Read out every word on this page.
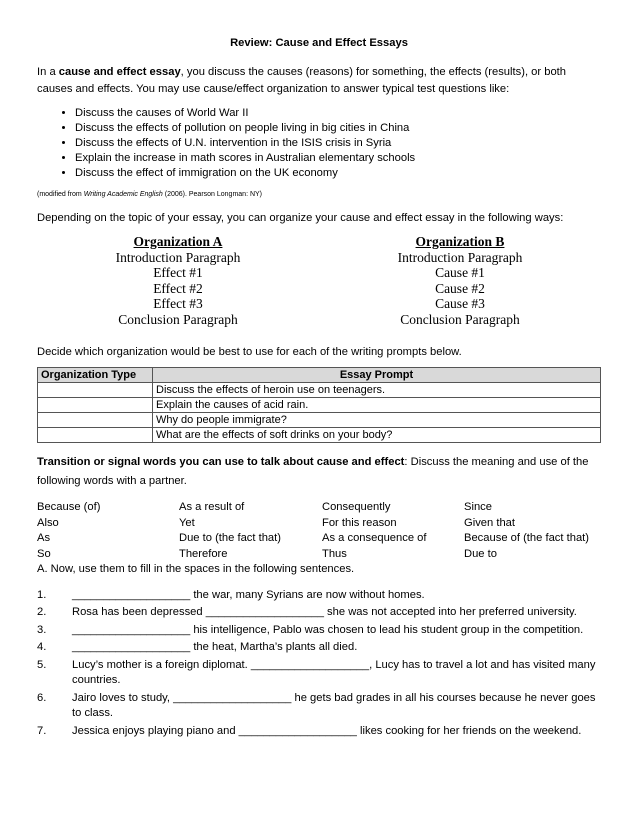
Review: Cause and Effect Essays

In a cause and effect essay, you discuss the causes (reasons) for something, the effects (results), or both causes and effects. You may use cause/effect organization to answer typical test questions like:

• Discuss the causes of World War II
• Discuss the effects of pollution on people living in big cities in China
• Discuss the effects of U.N. intervention in the ISIS crisis in Syria
• Explain the increase in math scores in Australian elementary schools
• Discuss the effect of immigration on the UK economy

(modified from Writing Academic English (2006). Pearson Longman: NY)

Depending on the topic of your essay, you can organize your cause and effect essay in the following ways:

Organization A
Introduction Paragraph
Effect #1
Effect #2
Effect #3
Conclusion Paragraph
Organization B
Introduction Paragraph
Cause #1
Cause #2
Cause #3
Conclusion Paragraph

Decide which organization would be best to use for each of the writing prompts below.

Organization Type	Essay Prompt
	Discuss the effects of heroin use on teenagers.
	Explain the causes of acid rain.
	Why do people immigrate?
	What are the effects of soft drinks on your body?

Transition or signal words you can use to talk about cause and effect: Discuss the meaning and use of the following words with a partner.

Because (of)	As a result of	Consequently	Since
Also	Yet	For this reason	Given that
As	Due to (the fact that)	As a consequence of	Because of (the fact that)
So	Therefore	Thus	Due to

A. Now, use them to fill in the spaces in the following sentences.

1.	___________________ the war, many Syrians are now without homes.
2.	Rosa has been depressed ___________________ she was not accepted into her preferred university.
3.	___________________ his intelligence, Pablo was chosen to lead his student group in the competition.
4.	___________________ the heat, Martha’s plants all died.
5.	Lucy’s mother is a foreign diplomat. ___________________, Lucy has to travel a lot and has visited many countries.
6.	Jairo loves to study, ___________________ he gets bad grades in all his courses because he never goes to class.
7.	Jessica enjoys playing piano and ___________________ likes cooking for her friends on the weekend.
